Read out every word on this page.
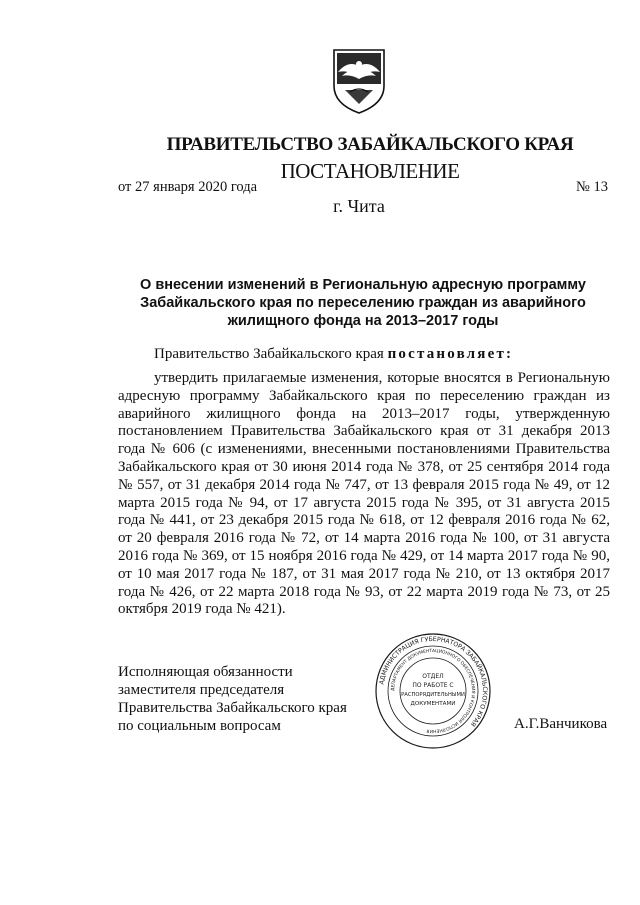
ПРАВИТЕЛЬСТВО ЗАБАЙКАЛЬСКОГО КРАЯ
ПОСТАНОВЛЕНИЕ
от 27 января 2020 года	№ 13
г. Чита
О внесении изменений в Региональную адресную программу Забайкальского края по переселению граждан из аварийного жилищного фонда на 2013–2017 годы
Правительство Забайкальского края постановляет:
утвердить прилагаемые изменения, которые вносятся в Региональную адресную программу Забайкальского края по переселению граждан из аварийного жилищного фонда на 2013–2017 годы, утвержденную постановлением Правительства Забайкальского края от 31 декабря 2013 года № 606 (с изменениями, внесенными постановлениями Правительства Забайкальского края от 30 июня 2014 года № 378, от 25 сентября 2014 года № 557, от 31 декабря 2014 года № 747, от 13 февраля 2015 года № 49, от 12 марта 2015 года № 94, от 17 августа 2015 года № 395, от 31 августа 2015 года № 441, от 23 декабря 2015 года № 618, от 12 февраля 2016 года № 62, от 20 февраля 2016 года № 72, от 14 марта 2016 года № 100, от 31 августа 2016 года № 369, от 15 ноября 2016 года № 429, от 14 марта 2017 года № 90, от 10 мая 2017 года № 187, от 31 мая 2017 года № 210, от 13 октября 2017 года № 426, от 22 марта 2018 года № 93, от 22 марта 2019 года № 73, от 25 октября 2019 года № 421).
Исполняющая обязанности
заместителя председателя
Правительства Забайкальского края
по социальным вопросам
АДМИНИСТРАЦИЯ ГУБЕРНАТОРА ЗАБАЙКАЛЬСКОГО КРАЯ
ДЕПАРТАМЕНТ ДОКУМЕНТАЦИОННОГО ОБЕСПЕЧЕНИЯ И КОНТРОЛЯ ИСПОЛНЕНИЯ
ОТДЕЛ
ПО РАБОТЕ С
РАСПОРЯДИТЕЛЬНЫМИ
ДОКУМЕНТАМИ
А.Г.Ванчикова
